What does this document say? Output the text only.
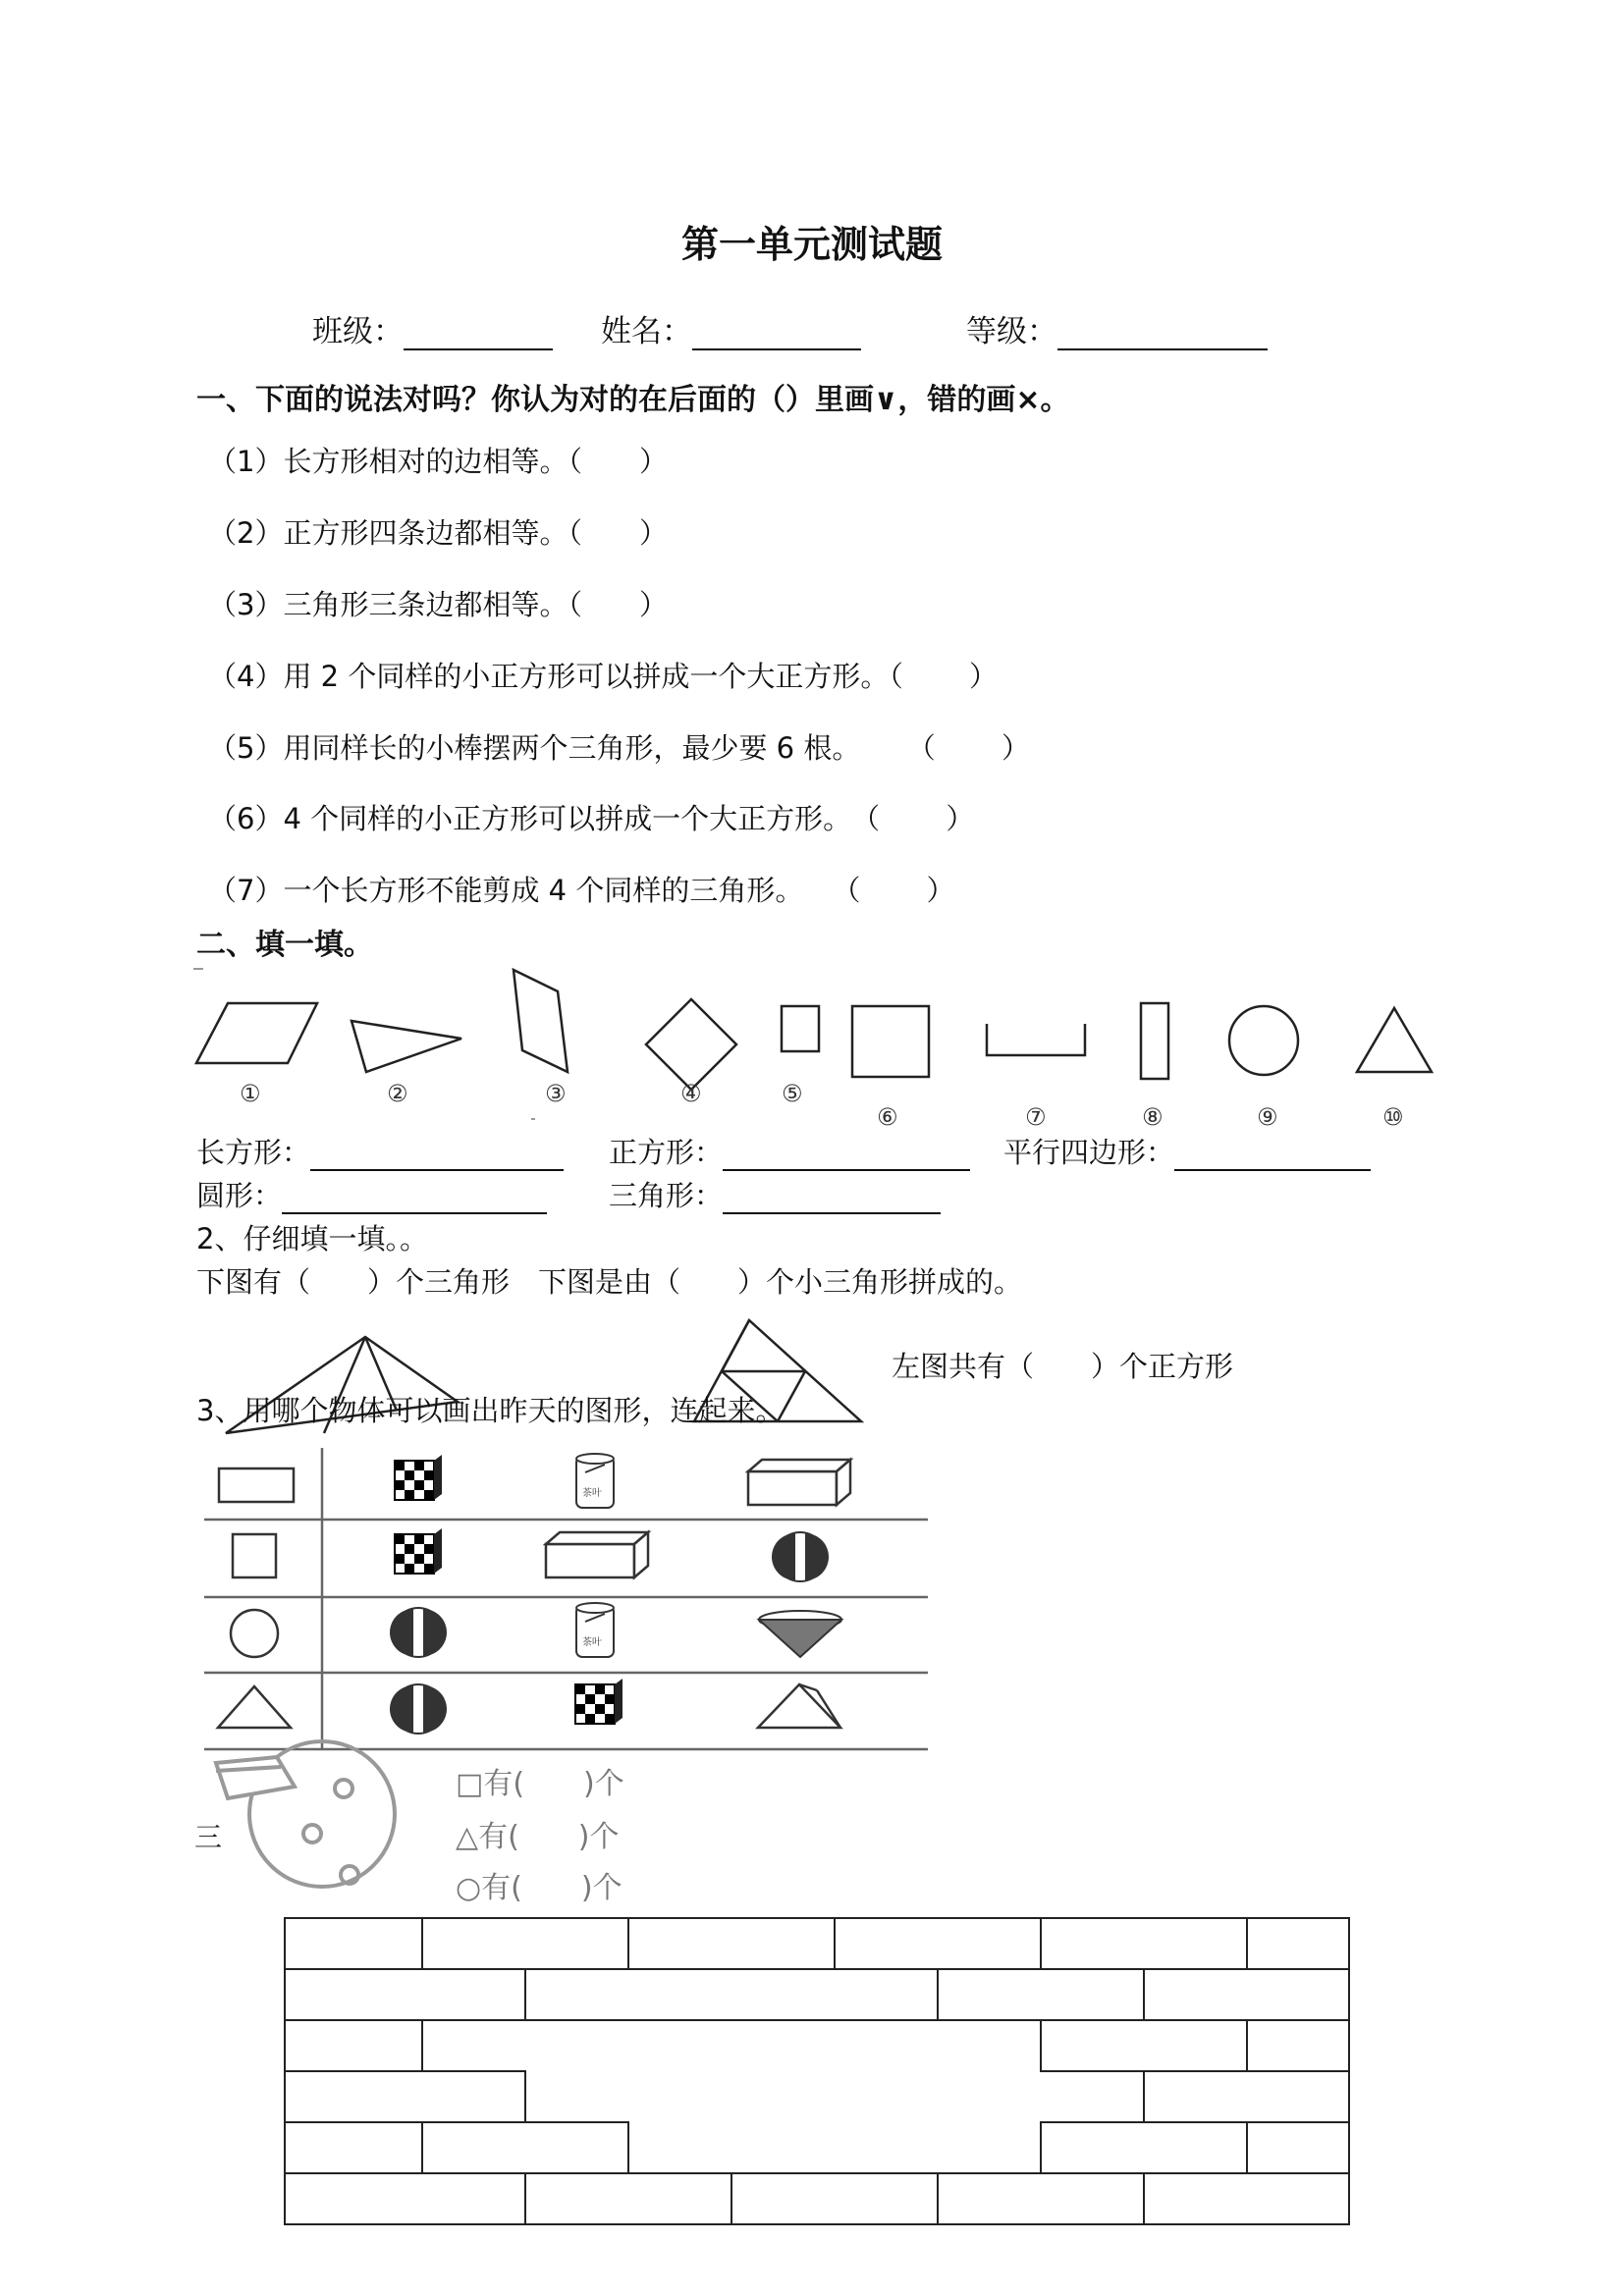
第一单元测试题
班级：	姓名：	等级：
一、下面的说法对吗？你认为对的在后面的（）里画∨，错的画×。
（1）长方形相对的边相等。（　　）
（2）正方形四条边都相等。（　　）
（3）三角形三条边都相等。（　　）
（4）用 2 个同样的小正方形可以拼成一个大正方形。（　　 ）
（5）用同样长的小棒摆两个三角形，最少要 6 根。 　 （　　 ）
（6）4 个同样的小正方形可以拼成一个大正方形。　（　　 ）
（7）一个长方形不能剪成 4 个同样的三角形。　　（　　 ）
二、填一填。
①	②	③	④	⑤
⑥	⑦	⑧	⑨	⑩
长方形：	正方形：	平行四边形：
圆形：	三角形：
2、仔细填一填。。
下图有（　　）个三角形　下图是由（　　）个小三角形拼成的。
左图共有（　　）个正方形
3、用哪个物体可以画出昨天的图形，连起来。
茶叶
茶叶
□有(　　)个
△有(　　)个
○有(　　)个
三
